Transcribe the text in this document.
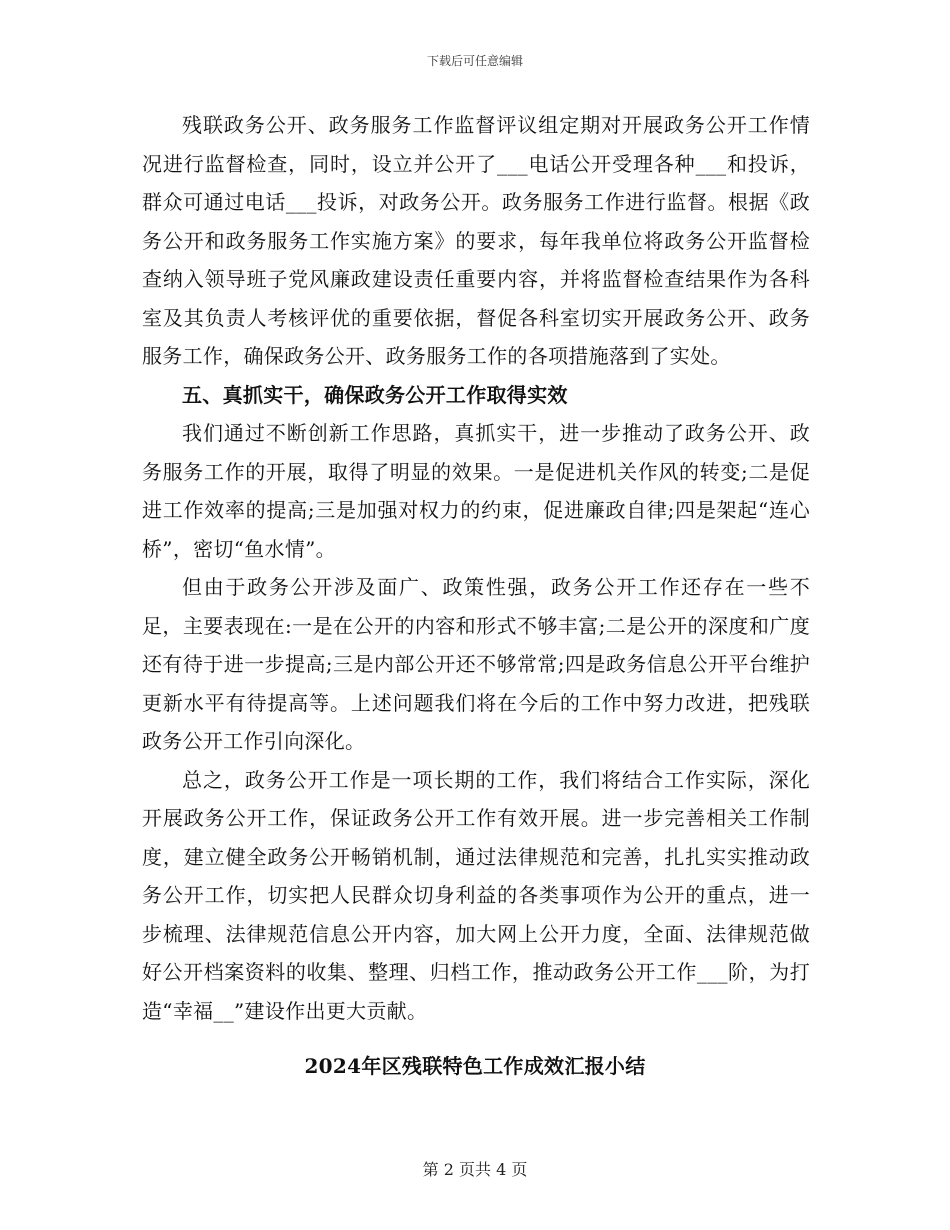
下载后可任意编辑

残联政务公开、政务服务工作监督评议组定期对开展政务公开工作情况进行监督检查，同时，设立并公开了___电话公开受理各种___和投诉，群众可通过电话___投诉，对政务公开。政务服务工作进行监督。根据《政务公开和政务服务工作实施方案》的要求，每年我单位将政务公开监督检查纳入领导班子党风廉政建设责任重要内容，并将监督检查结果作为各科室及其负责人考核评优的重要依据，督促各科室切实开展政务公开、政务服务工作，确保政务公开、政务服务工作的各项措施落到了实处。

五、真抓实干，确保政务公开工作取得实效

我们通过不断创新工作思路，真抓实干，进一步推动了政务公开、政务服务工作的开展，取得了明显的效果。一是促进机关作风的转变;二是促进工作效率的提高;三是加强对权力的约束，促进廉政自律;四是架起“连心桥”，密切“鱼水情”。

但由于政务公开涉及面广、政策性强，政务公开工作还存在一些不足，主要表现在:一是在公开的内容和形式不够丰富;二是公开的深度和广度还有待于进一步提高;三是内部公开还不够常常;四是政务信息公开平台维护更新水平有待提高等。上述问题我们将在今后的工作中努力改进，把残联政务公开工作引向深化。

总之，政务公开工作是一项长期的工作，我们将结合工作实际，深化开展政务公开工作，保证政务公开工作有效开展。进一步完善相关工作制度，建立健全政务公开畅销机制，通过法律规范和完善，扎扎实实推动政务公开工作，切实把人民群众切身利益的各类事项作为公开的重点，进一步梳理、法律规范信息公开内容，加大网上公开力度，全面、法律规范做好公开档案资料的收集、整理、归档工作，推动政务公开工作___阶，为打造“幸福__”建设作出更大贡献。

2024年区残联特色工作成效汇报小结
第 2 页共 4 页
